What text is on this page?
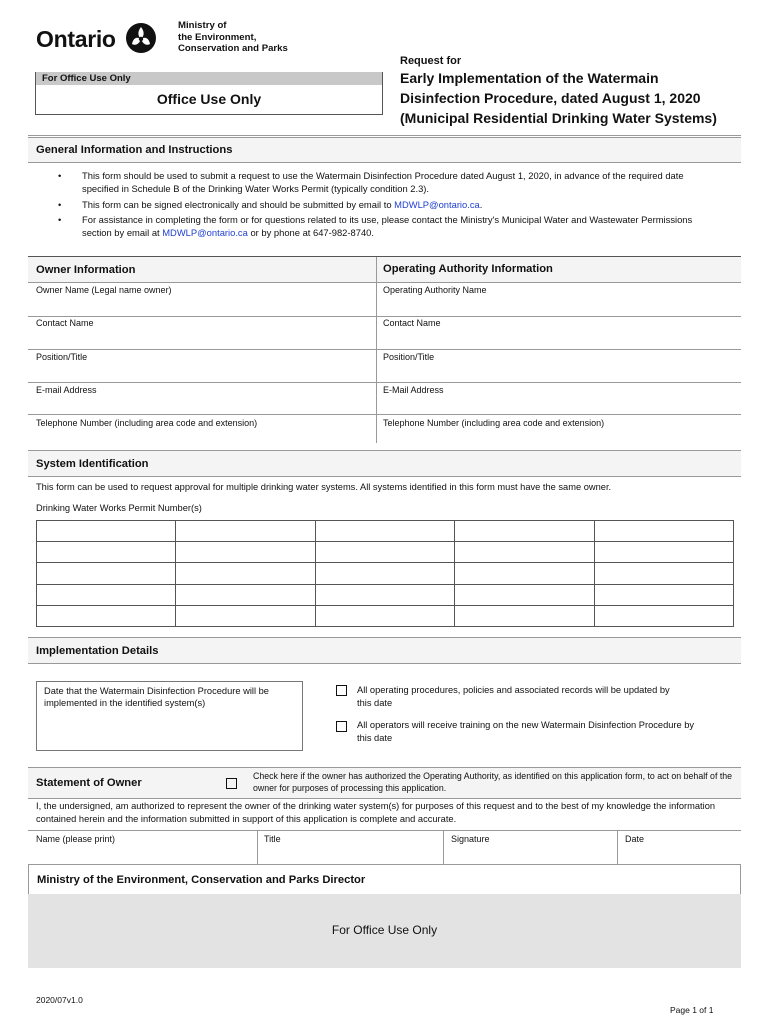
Ontario
Ministry of
the Environment,
Conservation and Parks
Request for
Early Implementation of the Watermain
Disinfection Procedure, dated August 1, 2020
(Municipal Residential Drinking Water Systems)
For Office Use Only
Office Use Only
General Information and Instructions
• This form should be used to submit a request to use the Watermain Disinfection Procedure dated August 1, 2020, in advance of the required date specified in Schedule B of the Drinking Water Works Permit (typically condition 2.3).
• This form can be signed electronically and should be submitted by email to MDWLP@ontario.ca.
• For assistance in completing the form or for questions related to its use, please contact the Ministry's Municipal Water and Wastewater Permissions section by email at MDWLP@ontario.ca or by phone at 647-982-8740.
Owner Information	Operating Authority Information
Owner Name (Legal name owner)	Operating Authority Name
Contact Name	Contact Name
Position/Title	Position/Title
E-mail Address	E-Mail Address
Telephone Number (including area code and extension)	Telephone Number (including area code and extension)
System Identification
This form can be used to request approval for multiple drinking water systems. All systems identified in this form must have the same owner.
Drinking Water Works Permit Number(s)

Implementation Details
Date that the Watermain Disinfection Procedure will be implemented in the identified system(s)
All operating procedures, policies and associated records will be updated by this date
All operators will receive training on the new Watermain Disinfection Procedure by this date
Statement of Owner
Check here if the owner has authorized the Operating Authority, as identified on this application form, to act on behalf of the owner for purposes of processing this application.
I, the undersigned, am authorized to represent the owner of the drinking water system(s) for purposes of this request and to the best of my knowledge the information contained herein and the information submitted in support of this application is complete and accurate.
Name (please print)	Title	Signature	Date
Ministry of the Environment, Conservation and Parks Director
For Office Use Only
2020/07v1.0
Page 1 of 1
